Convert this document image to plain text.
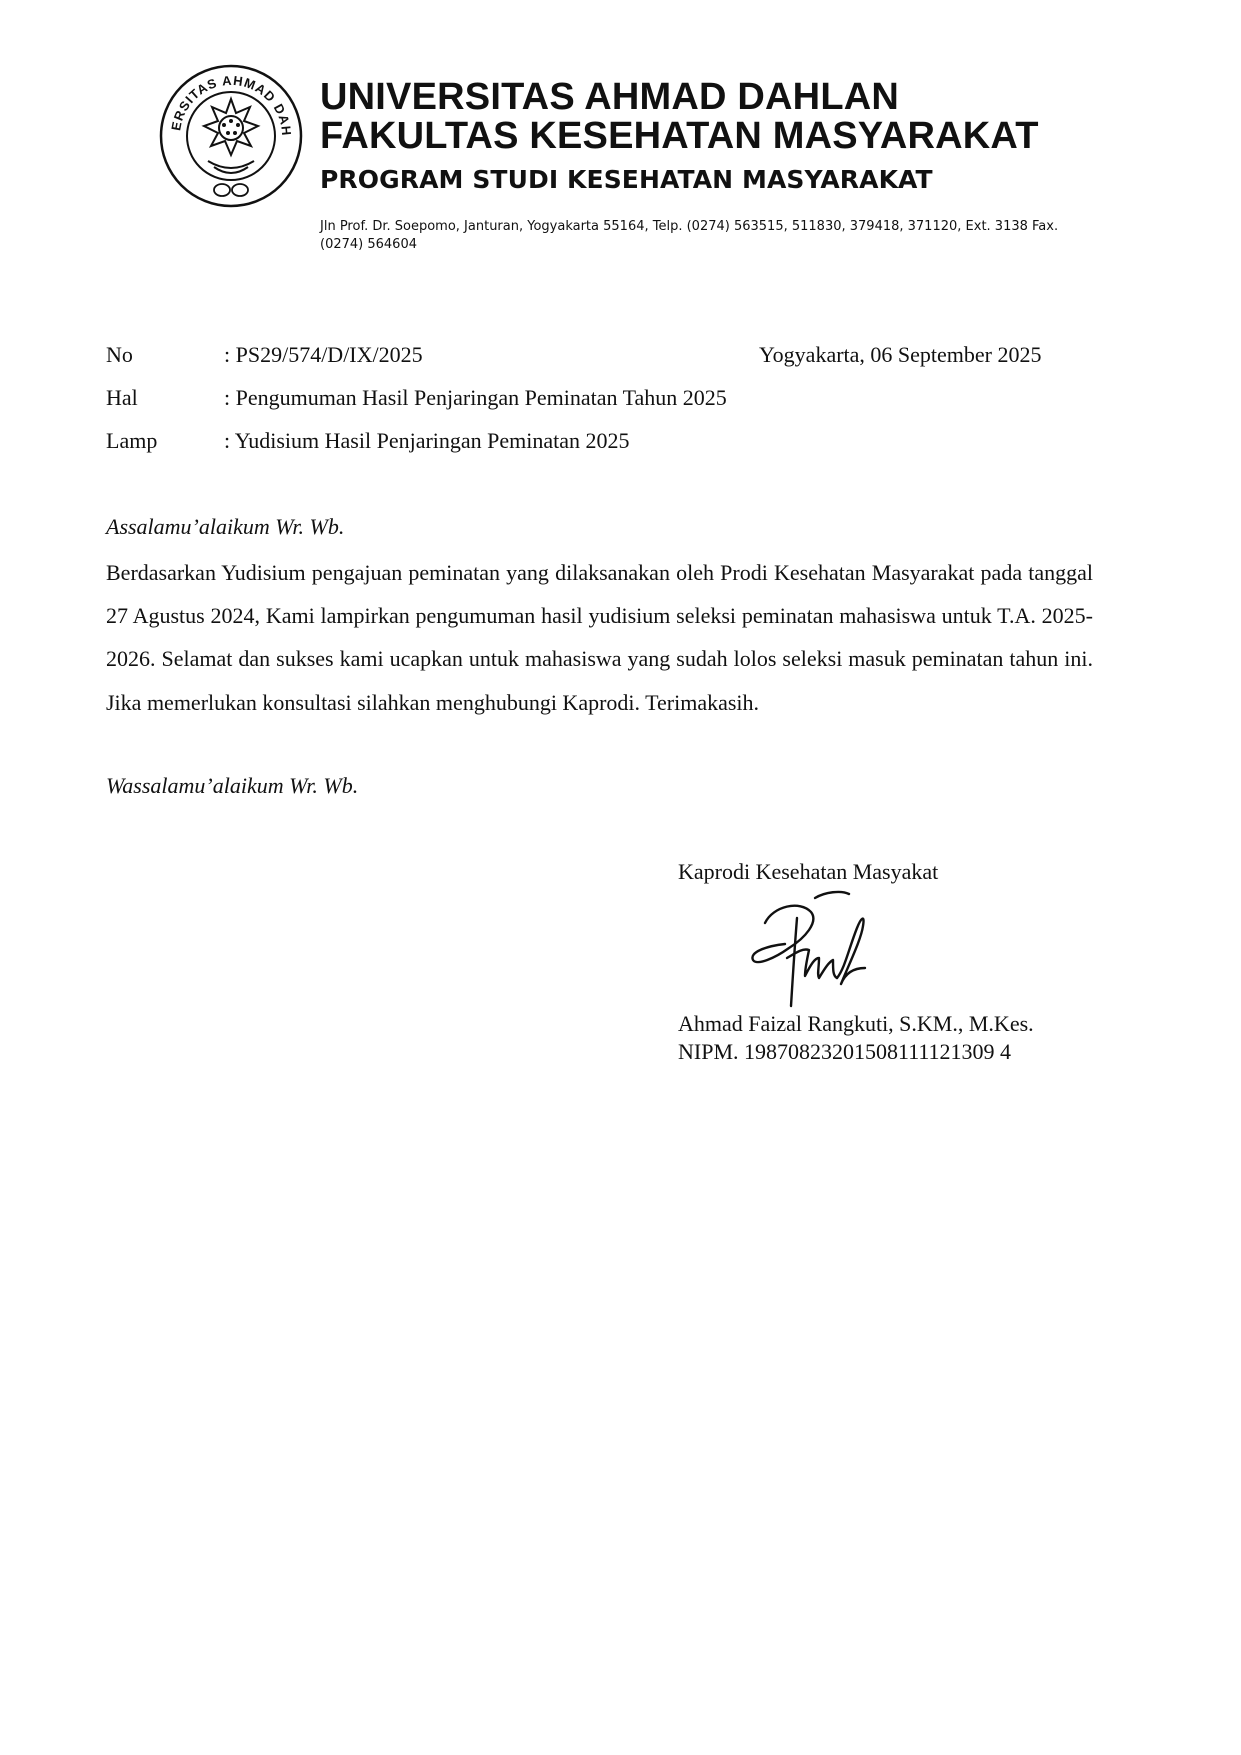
ERSITAS AHMAD DAH
UNIVERSITAS AHMAD DAHLAN
FAKULTAS KESEHATAN MASYARAKAT
PROGRAM STUDI KESEHATAN MASYARAKAT
Jln Prof. Dr. Soepomo, Janturan, Yogyakarta 55164, Telp. (0274) 563515, 511830, 379418, 371120, Ext. 3138 Fax. (0274) 564604
No	: PS29/574/D/IX/2025	Yogyakarta, 06 September 2025
Hal	: Pengumuman Hasil Penjaringan Peminatan Tahun 2025
Lamp	: Yudisium Hasil Penjaringan Peminatan 2025
Assalamu’alaikum Wr. Wb.
Berdasarkan Yudisium pengajuan peminatan yang dilaksanakan oleh Prodi Kesehatan Masyarakat pada tanggal 27 Agustus 2024, Kami lampirkan pengumuman hasil yudisium seleksi peminatan mahasiswa untuk T.A. 2025-2026. Selamat dan sukses kami ucapkan untuk mahasiswa yang sudah lolos seleksi masuk peminatan tahun ini. Jika memerlukan konsultasi silahkan menghubungi Kaprodi. Terimakasih.
Wassalamu’alaikum Wr. Wb.
Kaprodi Kesehatan Masyakat
Ahmad Faizal Rangkuti, S.KM., M.Kes.
NIPM. 19870823201508111121309 4
